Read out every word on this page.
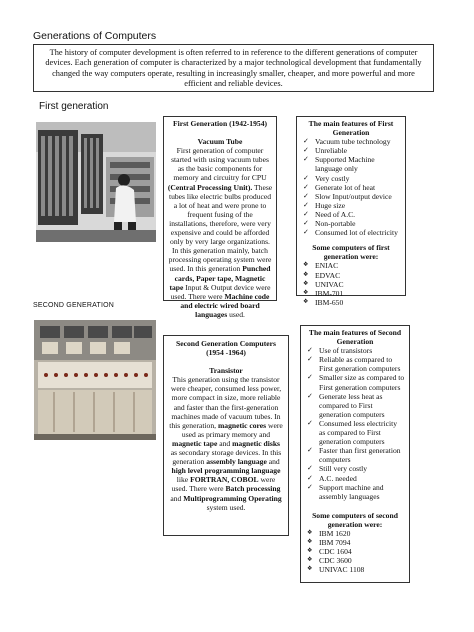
Generations of Computers
The history of computer development is often referred to in reference to the different generations of computer devices. Each generation of computer is characterized by a major technological development that fundamentally changed the way computers operate, resulting in increasingly smaller, cheaper, and more powerful and more efficient and reliable devices.
First generation
First Generation (1942-1954)
Vacuum Tube
First generation of computer started with using vacuum tubes as the basic components for memory and circuitry for CPU (Central Processing Unit). These tubes like electric bulbs produced a lot of heat and were prone to frequent fusing of the installations, therefore, were very expensive and could be afforded only by very large organizations. In this generation mainly, batch processing operating system were used. In this generation Punched cards, Paper tape, Magnetic tape Input & Output device were used. There were Machine code and electric wired board languages used.
The main features of First Generation
✓ Vacuum tube technology
✓ Unreliable
✓ Supported Machine language only
✓ Very costly
✓ Generate lot of heat
✓ Slow Input/output device
✓ Huge size
✓ Need of A.C.
✓ Non-portable
✓ Consumed lot of electricity
Some computers of first generation were:
❖ ENIAC
❖ EDVAC
❖ UNIVAC
❖ IBM-701
❖ IBM-650
SECOND GENERATION
Second Generation Computers (1954 -1964)
Transistor
This generation using the transistor were cheaper, consumed less power, more compact in size, more reliable and faster than the first-generation machines made of vacuum tubes. In this generation, magnetic cores were used as primary memory and magnetic tape and magnetic disks as secondary storage devices. In this generation assembly language and high level programming language like FORTRAN, COBOL were used. There were Batch processing and Multiprogramming Operating system used.
The main features of Second Generation
✓ Use of transistors
✓ Reliable as compared to First generation computers
✓ Smaller size as compared to First generation computers
✓ Generate less heat as compared to First generation computers
✓ Consumed less electricity as compared to First generation computers
✓ Faster than first generation computers
✓ Still very costly
✓ A.C. needed
✓ Support machine and assembly languages
Some computers of second generation were:
❖ IBM 1620
❖ IBM 7094
❖ CDC 1604
❖ CDC 3600
❖ UNIVAC 1108
